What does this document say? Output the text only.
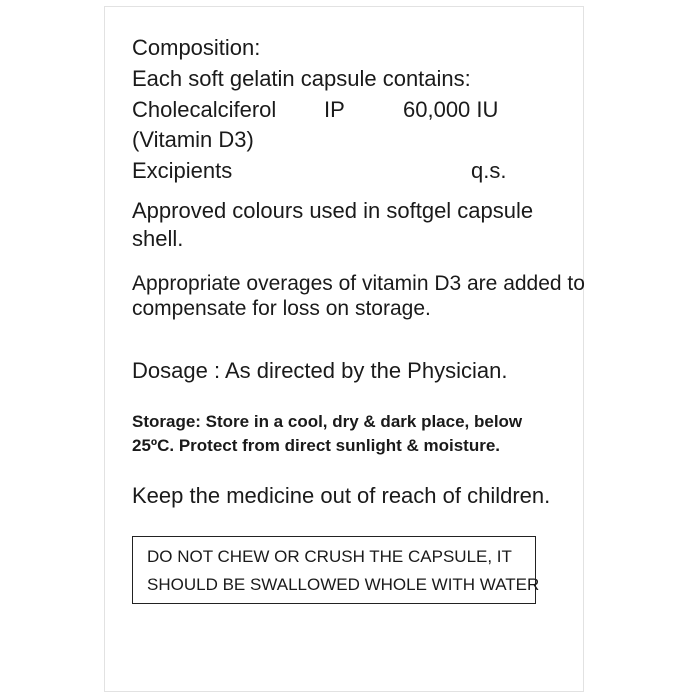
Composition:
Each soft gelatin capsule contains:
Cholecalciferol IP	60,000 IU
(Vitamin D3)
Excipients	q.s.
Approved colours used in softgel capsule
shell.
Appropriate overages of vitamin D3 are added to
compensate for loss on storage.
Dosage : As directed by the Physician.
Storage: Store in a cool, dry & dark place, below
25ºC. Protect from direct sunlight & moisture.
Keep the medicine out of reach of children.
DO NOT CHEW OR CRUSH THE CAPSULE, IT
SHOULD BE SWALLOWED WHOLE WITH WATER
